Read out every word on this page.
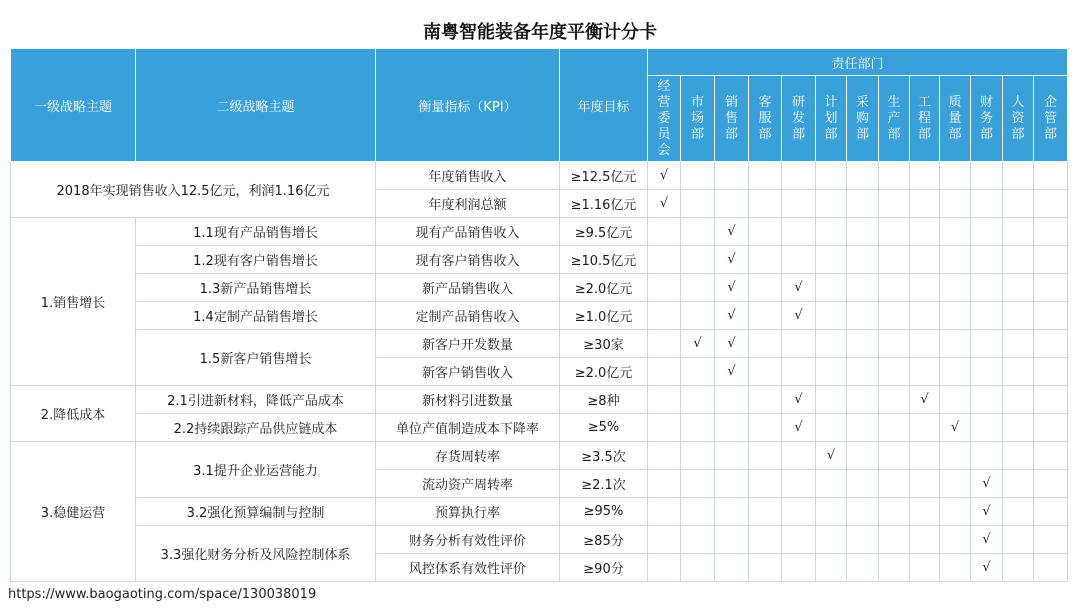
南粤智能装备年度平衡计分卡
一级战略主题	二级战略主题	衡量指标（KPI）	年度目标	责任部门												
				经营委员会	市场部	销售部	客服部	研发部	计划部	采购部	生产部	工程部	质量部	财务部	人资部	企管部
2018年实现销售收入12.5亿元，利润1.16亿元		年度销售收入	≥12.5亿元	√												
		年度利润总额	≥1.16亿元	√												
1.销售增长	1.1现有产品销售增长	现有产品销售收入	≥9.5亿元			√										
	1.2现有客户销售增长	现有客户销售收入	≥10.5亿元			√										
	1.3新产品销售增长	新产品销售收入	≥2.0亿元			√		√								
	1.4定制产品销售增长	定制产品销售收入	≥1.0亿元			√		√								
	1.5新客户销售增长	新客户开发数量	≥30家		√	√										
		新客户销售收入	≥2.0亿元			√										
2.降低成本	2.1引进新材料，降低产品成本	新材料引进数量	≥8种					√				√				
	2.2持续跟踪产品供应链成本	单位产值制造成本下降率	≥5%					√					√			
3.稳健运营	3.1提升企业运营能力	存货周转率	≥3.5次						√							
		流动资产周转率	≥2.1次											√		
	3.2强化预算编制与控制	预算执行率	≥95%											√		
	3.3强化财务分析及风险控制体系	财务分析有效性评价	≥85分											√		
		风控体系有效性评价	≥90分											√		
https://www.baogaoting.com/space/130038019
